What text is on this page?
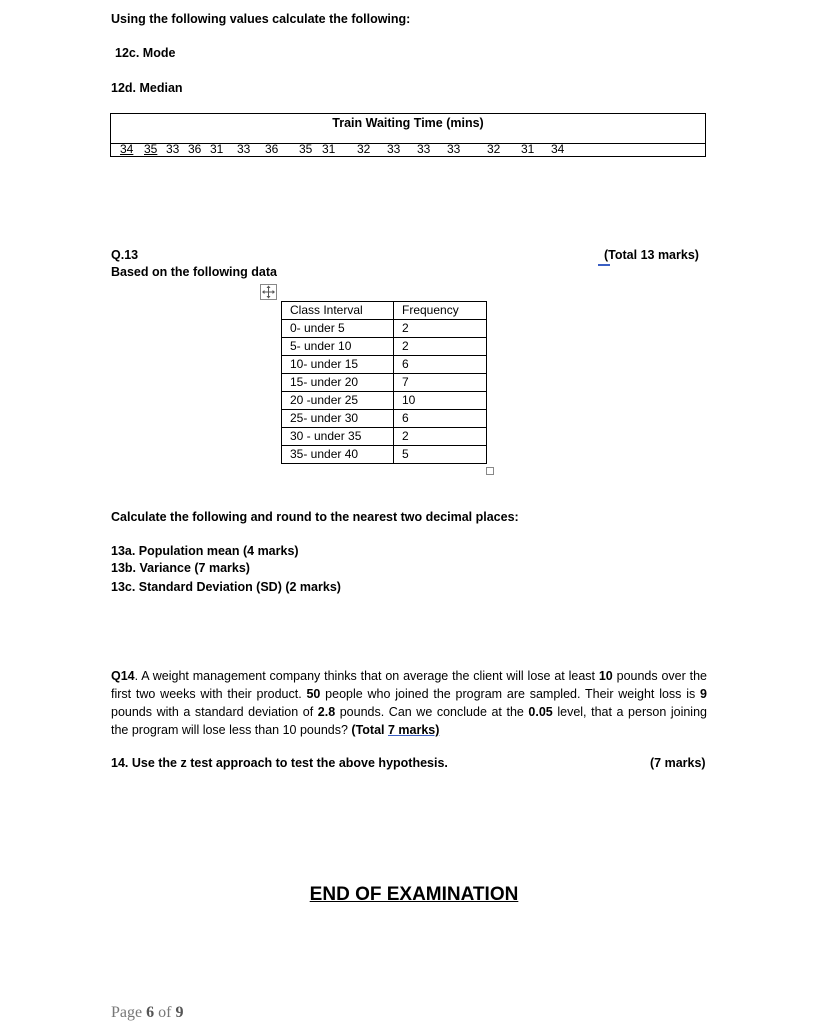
Using the following values calculate the following:
12c. Mode
12d. Median
Train Waiting Time (mins)
34 35 33 36 31 33 36 35 31 32 33 33 33 32 31 34
Q.13	(Total 13 marks)
Based on the following data
Class Interval	Frequency
0- under 5	2
5- under 10	2
10- under 15	6
15- under 20	7
20 -under 25	10
25- under 30	6
30 - under 35	2
35- under 40	5
Calculate the following and round to the nearest two decimal places:
13a. Population mean (4 marks)
13b. Variance (7 marks)
13c. Standard Deviation (SD) (2 marks)
Q14. A weight management company thinks that on average the client will lose at least 10 pounds over the first two weeks with their product. 50 people who joined the program are sampled. Their weight loss is 9 pounds with a standard deviation of 2.8 pounds. Can we conclude at the 0.05 level, that a person joining the program will lose less than 10 pounds? (Total 7 marks)
14. Use the z test approach to test the above hypothesis.	(7 marks)
END OF EXAMINATION
Page 6 of 9
